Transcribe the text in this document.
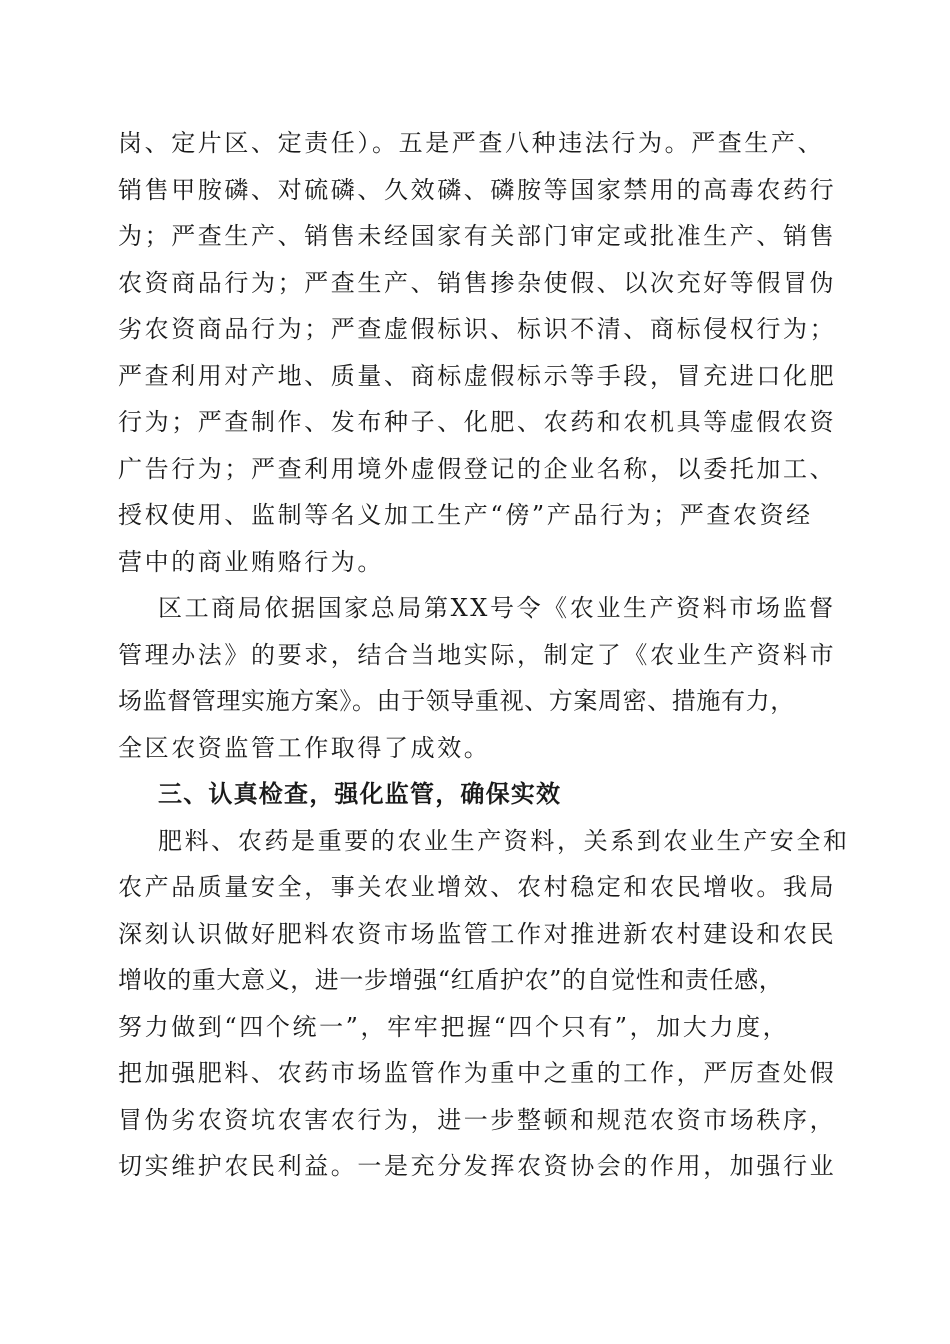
岗、定片区、定责任）。五是严查八种违法行为。严查生产、
销售甲胺磷、对硫磷、久效磷、磷胺等国家禁用的高毒农药行
为；严查生产、销售未经国家有关部门审定或批准生产、销售
农资商品行为；严查生产、销售掺杂使假、以次充好等假冒伪
劣农资商品行为；严查虚假标识、标识不清、商标侵权行为；
严查利用对产地、质量、商标虚假标示等手段，冒充进口化肥
行为；严查制作、发布种子、化肥、农药和农机具等虚假农资
广告行为；严查利用境外虚假登记的企业名称，以委托加工、
授权使用、监制等名义加工生产“傍”产品行为；严查农资经
营中的商业贿赂行为。
区工商局依据国家总局第XX号令《农业生产资料市场监督
管理办法》的要求，结合当地实际，制定了《农业生产资料市
场监督管理实施方案》。由于领导重视、方案周密、措施有力，
全区农资监管工作取得了成效。
三、认真检查，强化监管，确保实效
肥料、农药是重要的农业生产资料，关系到农业生产安全和
农产品质量安全，事关农业增效、农村稳定和农民增收。我局
深刻认识做好肥料农资市场监管工作对推进新农村建设和农民
增收的重大意义，进一步增强“红盾护农”的自觉性和责任感，
努力做到“四个统一”，牢牢把握“四个只有”，加大力度，
把加强肥料、农药市场监管作为重中之重的工作，严厉查处假
冒伪劣农资坑农害农行为，进一步整顿和规范农资市场秩序，
切实维护农民利益。一是充分发挥农资协会的作用，加强行业
